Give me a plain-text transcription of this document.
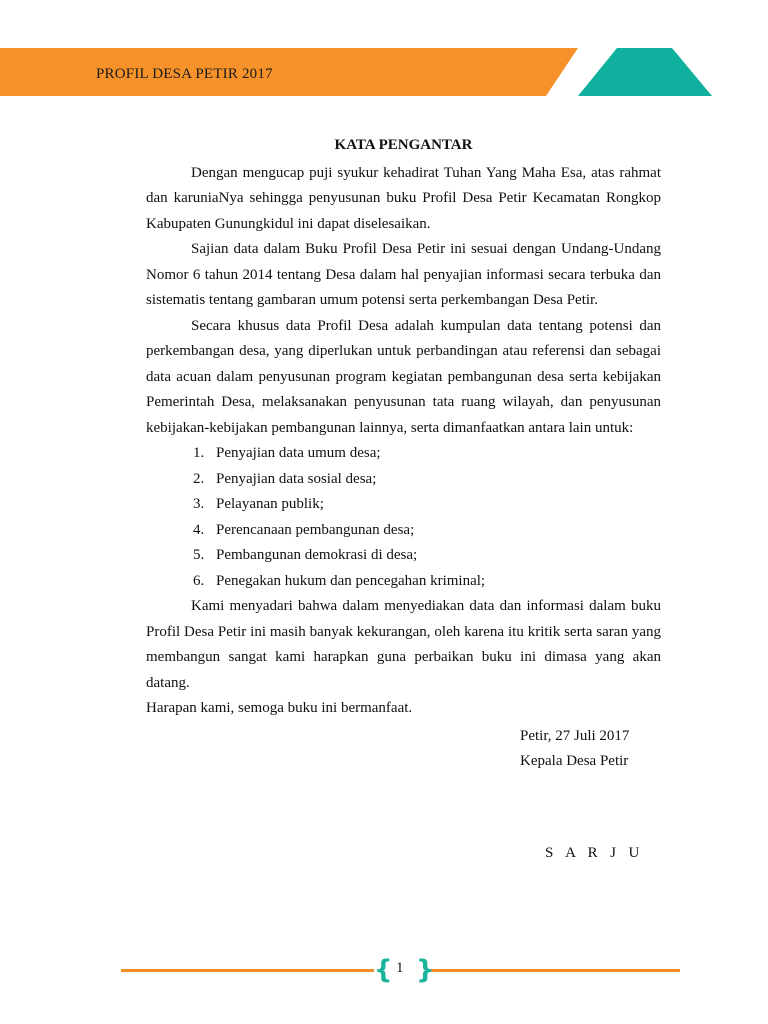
PROFIL DESA PETIR 2017

KATA PENGANTAR

Dengan mengucap puji syukur kehadirat Tuhan Yang Maha Esa, atas rahmat dan karuniaNya sehingga penyusunan buku Profil Desa Petir Kecamatan Rongkop Kabupaten Gunungkidul ini dapat diselesaikan.

Sajian data dalam Buku Profil Desa Petir ini sesuai dengan Undang-Undang Nomor 6 tahun 2014 tentang Desa dalam hal penyajian informasi secara terbuka dan sistematis tentang gambaran umum potensi serta perkembangan Desa Petir.

Secara khusus data Profil Desa adalah kumpulan data tentang potensi dan perkembangan desa, yang diperlukan untuk perbandingan atau referensi dan sebagai data acuan dalam penyusunan program kegiatan pembangunan desa serta kebijakan Pemerintah Desa, melaksanakan penyusunan tata ruang wilayah, dan penyusunan kebijakan-kebijakan pembangunan lainnya, serta dimanfaatkan antara lain untuk:

1. Penyajian data umum desa;
2. Penyajian data sosial desa;
3. Pelayanan publik;
4. Perencanaan pembangunan desa;
5. Pembangunan demokrasi di desa;
6. Penegakan hukum dan pencegahan kriminal;

Kami menyadari bahwa dalam menyediakan data dan informasi dalam buku Profil Desa Petir ini masih banyak kekurangan, oleh karena itu kritik serta saran yang membangun sangat kami harapkan guna perbaikan buku ini dimasa yang akan datang.

Harapan kami, semoga buku ini bermanfaat.

Petir, 27 Juli 2017
Kepala Desa Petir
S A R J U
{ 1 }
